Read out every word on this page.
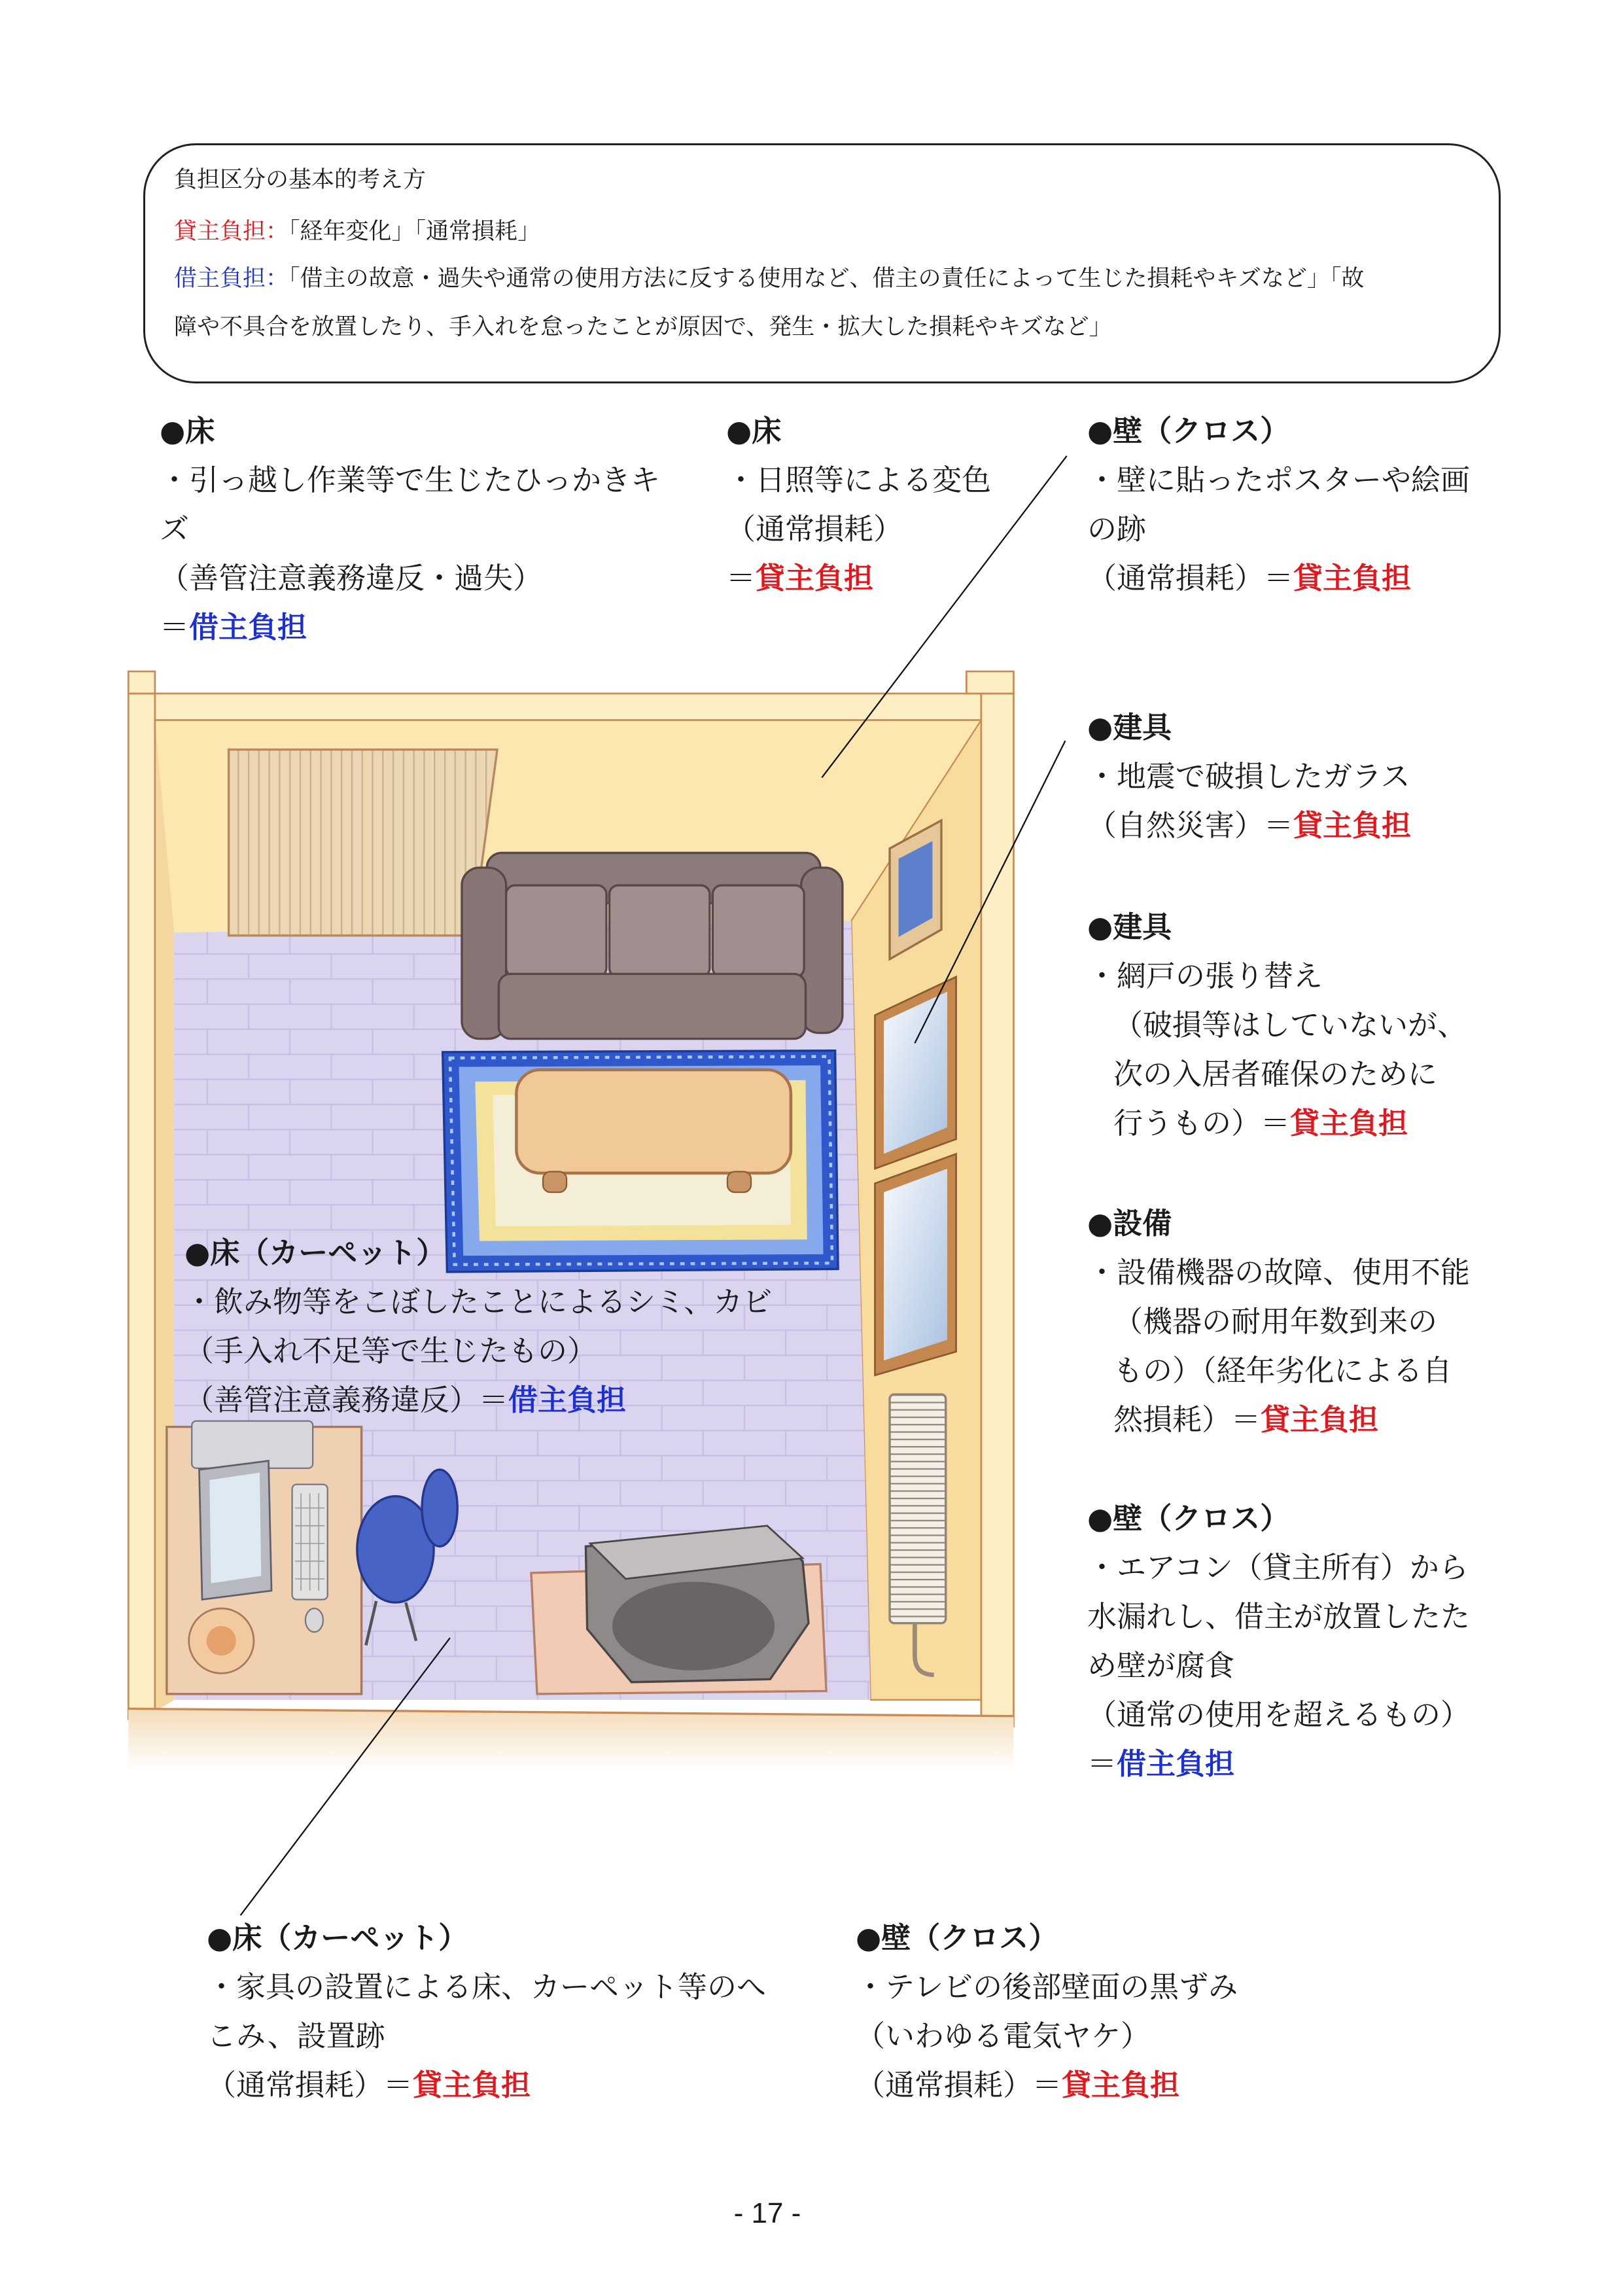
負担区分の基本的考え方
貸主負担：「経年変化」「通常損耗」
借主負担：「借主の故意・過失や通常の使用方法に反する使用など、借主の責任によって生じた損耗やキズなど」「故
障や不具合を放置したり、手入れを怠ったことが原因で、発生・拡大した損耗やキズなど」
●床
・引っ越し作業等で生じたひっかきキ
ズ
（善管注意義務違反・過失）
＝借主負担
●床
・日照等による変色
（通常損耗）
＝貸主負担
●壁（クロス）
・壁に貼ったポスターや絵画
の跡
（通常損耗）＝貸主負担
●建具
・地震で破損したガラス
（自然災害）＝貸主負担
●建具
・網戸の張り替え
（破損等はしていないが、
次の入居者確保のために
行うもの）＝貸主負担
●設備
・設備機器の故障、使用不能
（機器の耐用年数到来の
もの）（経年劣化による自
然損耗）＝貸主負担
●壁（クロス）
・エアコン（貸主所有）から
水漏れし、借主が放置したた
め壁が腐食
（通常の使用を超えるもの）
＝借主負担
●床（カーペット）
・飲み物等をこぼしたことによるシミ、カビ
（手入れ不足等で生じたもの）
（善管注意義務違反）＝借主負担
●床（カーペット）
・家具の設置による床、カーペット等のへ
こみ、設置跡
（通常損耗）＝貸主負担
●壁（クロス）
・テレビの後部壁面の黒ずみ
（いわゆる電気ヤケ）
（通常損耗）＝貸主負担
- 17 -
